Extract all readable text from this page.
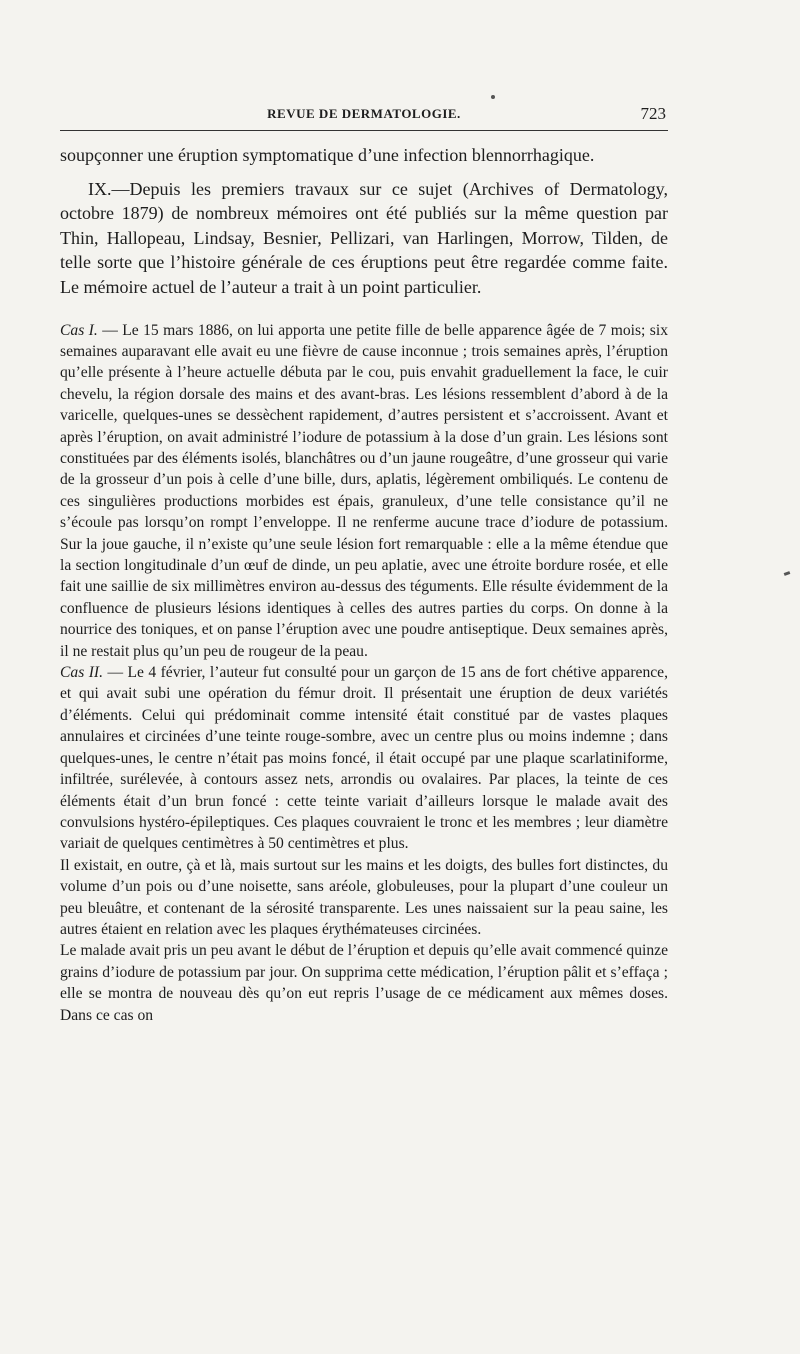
REVUE DE DERMATOLOGIE.	723

soupçonner une éruption symptomatique d’une infection blennorrhagique.

IX.—Depuis les premiers travaux sur ce sujet (Archives of Dermatology, octobre 1879) de nombreux mémoires ont été publiés sur la même question par Thin, Hallopeau, Lindsay, Besnier, Pellizari, van Harlingen, Morrow, Tilden, de telle sorte que l’histoire générale de ces éruptions peut être regardée comme faite. Le mémoire actuel de l’auteur a trait à un point particulier.

Cas I. — Le 15 mars 1886, on lui apporta une petite fille de belle apparence âgée de 7 mois; six semaines auparavant elle avait eu une fièvre de cause inconnue ; trois semaines après, l’éruption qu’elle présente à l’heure actuelle débuta par le cou, puis envahit graduellement la face, le cuir chevelu, la région dorsale des mains et des avant-bras. Les lésions ressemblent d’abord à de la varicelle, quelques-unes se dessèchent rapidement, d’autres persistent et s’accroissent. Avant et après l’éruption, on avait administré l’iodure de potassium à la dose d’un grain. Les lésions sont constituées par des éléments isolés, blanchâtres ou d’un jaune rougeâtre, d’une grosseur qui varie de la grosseur d’un pois à celle d’une bille, durs, aplatis, légèrement ombiliqués. Le contenu de ces singulières productions morbides est épais, granuleux, d’une telle consistance qu’il ne s’écoule pas lorsqu’on rompt l’enveloppe. Il ne renferme aucune trace d’iodure de potassium. Sur la joue gauche, il n’existe qu’une seule lésion fort remarquable : elle a la même étendue que la section longitudinale d’un œuf de dinde, un peu aplatie, avec une étroite bordure rosée, et elle fait une saillie de six millimètres environ au-dessus des téguments. Elle résulte évidemment de la confluence de plusieurs lésions identiques à celles des autres parties du corps. On donne à la nourrice des toniques, et on panse l’éruption avec une poudre antiseptique. Deux semaines après, il ne restait plus qu’un peu de rougeur de la peau.

Cas II. — Le 4 février, l’auteur fut consulté pour un garçon de 15 ans de fort chétive apparence, et qui avait subi une opération du fémur droit. Il présentait une éruption de deux variétés d’éléments. Celui qui prédominait comme intensité était constitué par de vastes plaques annulaires et circinées d’une teinte rouge-sombre, avec un centre plus ou moins indemne ; dans quelques-unes, le centre n’était pas moins foncé, il était occupé par une plaque scarlatiniforme, infiltrée, surélevée, à contours assez nets, arrondis ou ovalaires. Par places, la teinte de ces éléments était d’un brun foncé : cette teinte variait d’ailleurs lorsque le malade avait des convulsions hystéro-épileptiques. Ces plaques couvraient le tronc et les membres ; leur diamètre variait de quelques centimètres à 50 centimètres et plus.

Il existait, en outre, çà et là, mais surtout sur les mains et les doigts, des bulles fort distinctes, du volume d’un pois ou d’une noisette, sans aréole, globuleuses, pour la plupart d’une couleur un peu bleuâtre, et contenant de la sérosité transparente. Les unes naissaient sur la peau saine, les autres étaient en relation avec les plaques érythémateuses circinées.

Le malade avait pris un peu avant le début de l’éruption et depuis qu’elle avait commencé quinze grains d’iodure de potassium par jour. On supprima cette médication, l’éruption pâlit et s’effaça ; elle se montra de nouveau dès qu’on eut repris l’usage de ce médicament aux mêmes doses. Dans ce cas on
